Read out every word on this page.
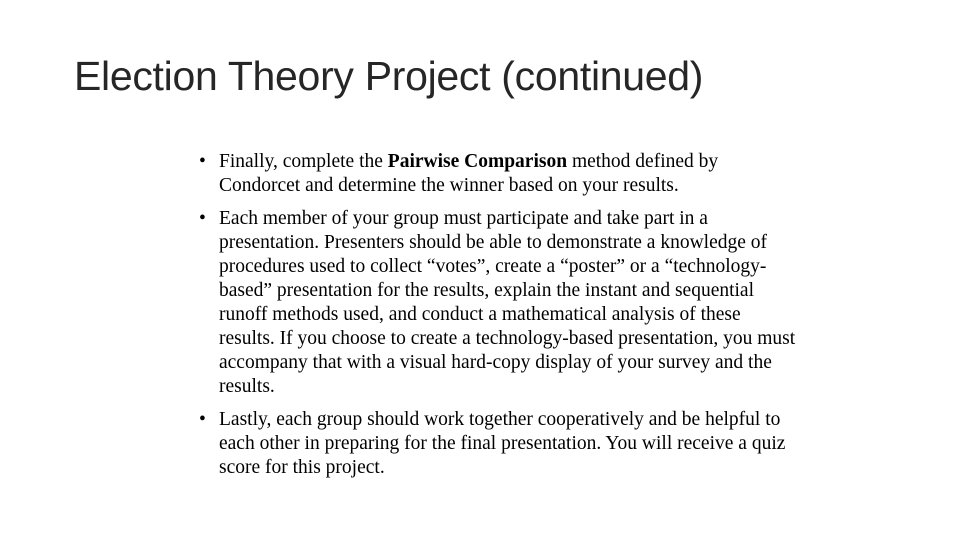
Election Theory Project (continued)
• Finally, complete the Pairwise Comparison method defined by Condorcet and determine the winner based on your results.
• Each member of your group must participate and take part in a presentation. Presenters should be able to demonstrate a knowledge of procedures used to collect “votes”, create a “poster” or a “technology-based” presentation for the results, explain the instant and sequential runoff methods used, and conduct a mathematical analysis of these results. If you choose to create a technology-based presentation, you must accompany that with a visual hard-copy display of your survey and the results.
• Lastly, each group should work together cooperatively and be helpful to each other in preparing for the final presentation. You will receive a quiz score for this project.
